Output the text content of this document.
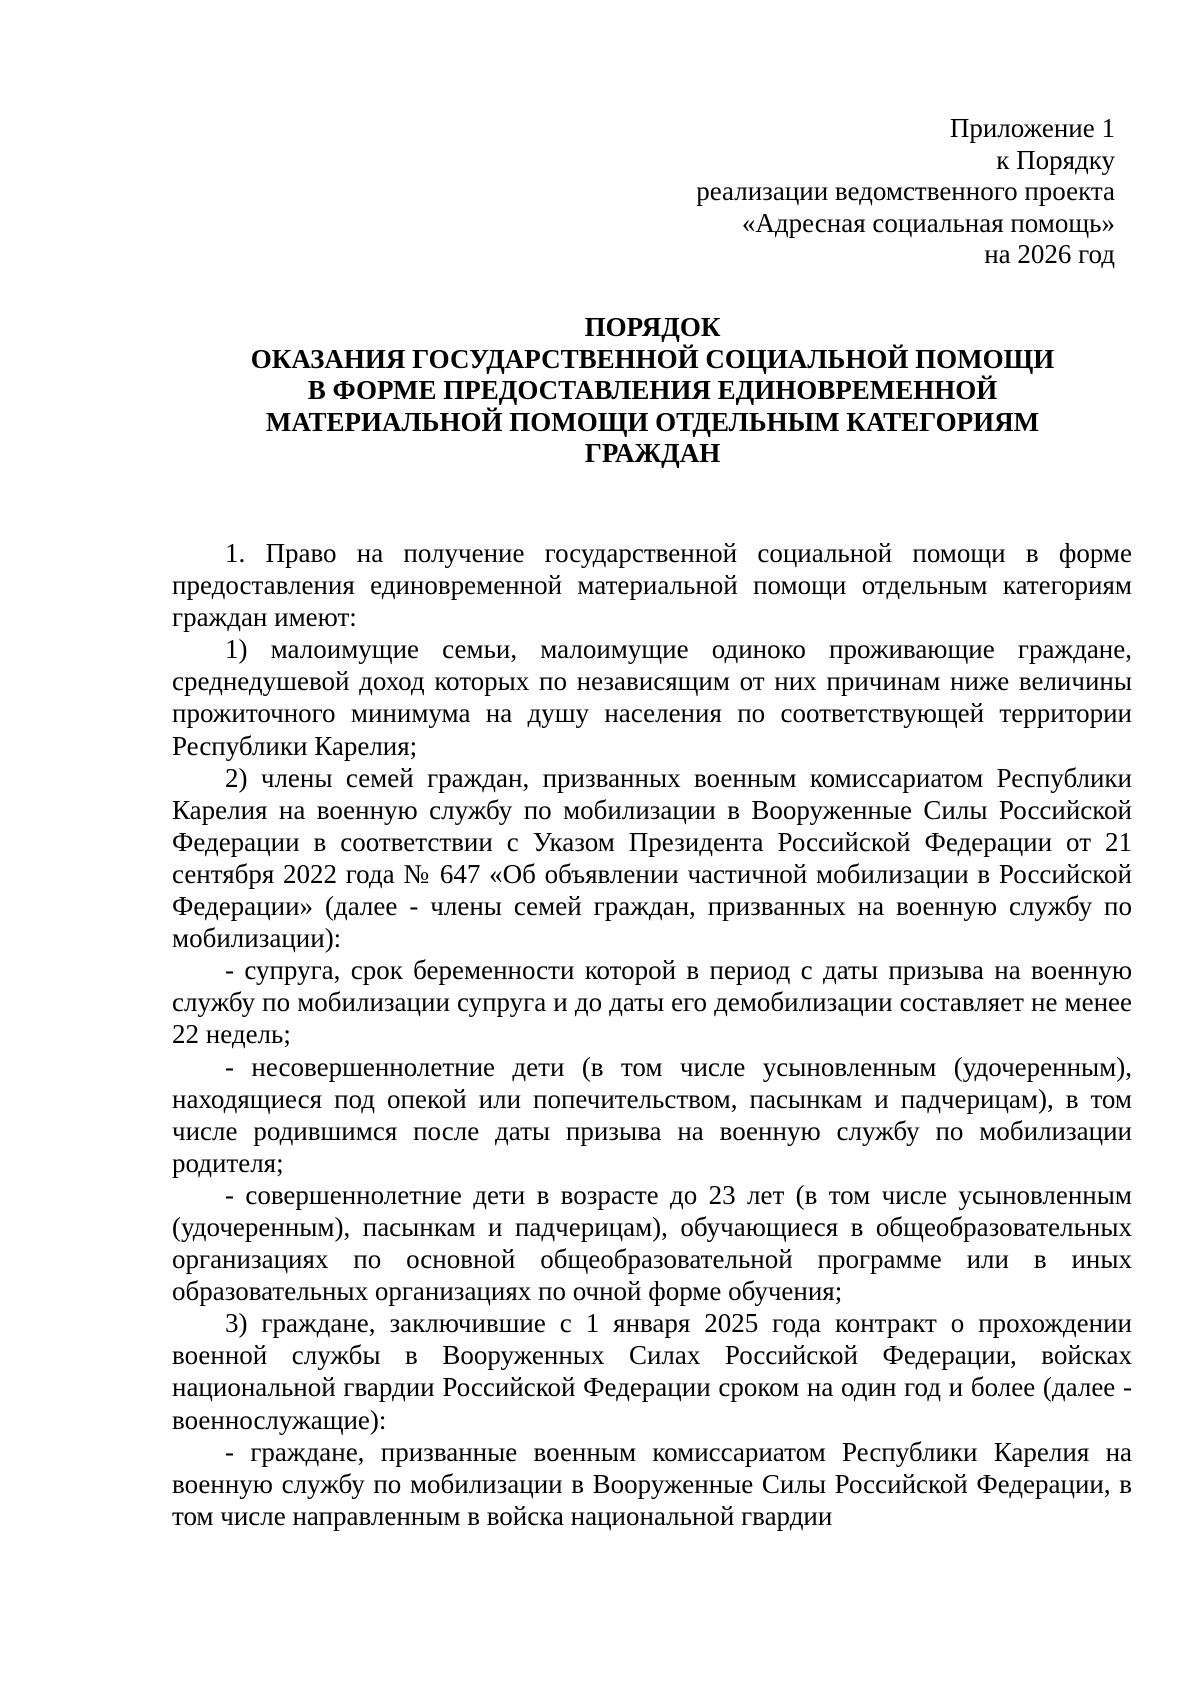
Приложение 1
к Порядку
реализации ведомственного проекта
«Адресная социальная помощь»
на 2026 год
ПОРЯДОК
ОКАЗАНИЯ ГОСУДАРСТВЕННОЙ СОЦИАЛЬНОЙ ПОМОЩИ
В ФОРМЕ ПРЕДОСТАВЛЕНИЯ ЕДИНОВРЕМЕННОЙ
МАТЕРИАЛЬНОЙ ПОМОЩИ ОТДЕЛЬНЫМ КАТЕГОРИЯМ
ГРАЖДАН

1. Право на получение государственной социальной помощи в форме предоставления единовременной материальной помощи отдельным категориям граждан имеют:

1) малоимущие семьи, малоимущие одиноко проживающие граждане, среднедушевой доход которых по независящим от них причинам ниже величины прожиточного минимума на душу населения по соответствующей территории Республики Карелия;

2) члены семей граждан, призванных военным комиссариатом Республики Карелия на военную службу по мобилизации в Вооруженные Силы Российской Федерации в соответствии с Указом Президента Российской Федерации от 21 сентября 2022 года № 647 «Об объявлении частичной мобилизации в Российской Федерации» (далее - члены семей граждан, призванных на военную службу по мобилизации):

- супруга, срок беременности которой в период с даты призыва на военную службу по мобилизации супруга и до даты его демобилизации составляет не менее 22 недель;

- несовершеннолетние дети (в том числе усыновленным (удочеренным), находящиеся под опекой или попечительством, пасынкам и падчерицам), в том числе родившимся после даты призыва на военную службу по мобилизации родителя;

- совершеннолетние дети в возрасте до 23 лет (в том числе усыновленным (удочеренным), пасынкам и падчерицам), обучающиеся в общеобразовательных организациях по основной общеобразовательной программе или в иных образовательных организациях по очной форме обучения;

3) граждане, заключившие с 1 января 2025 года контракт о прохождении военной службы в Вооруженных Силах Российской Федерации, войсках национальной гвардии Российской Федерации сроком на один год и более (далее - военнослужащие):

- граждане, призванные военным комиссариатом Республики Карелия на военную службу по мобилизации в Вооруженные Силы Российской Федерации, в том числе направленным в войска национальной гвардии
